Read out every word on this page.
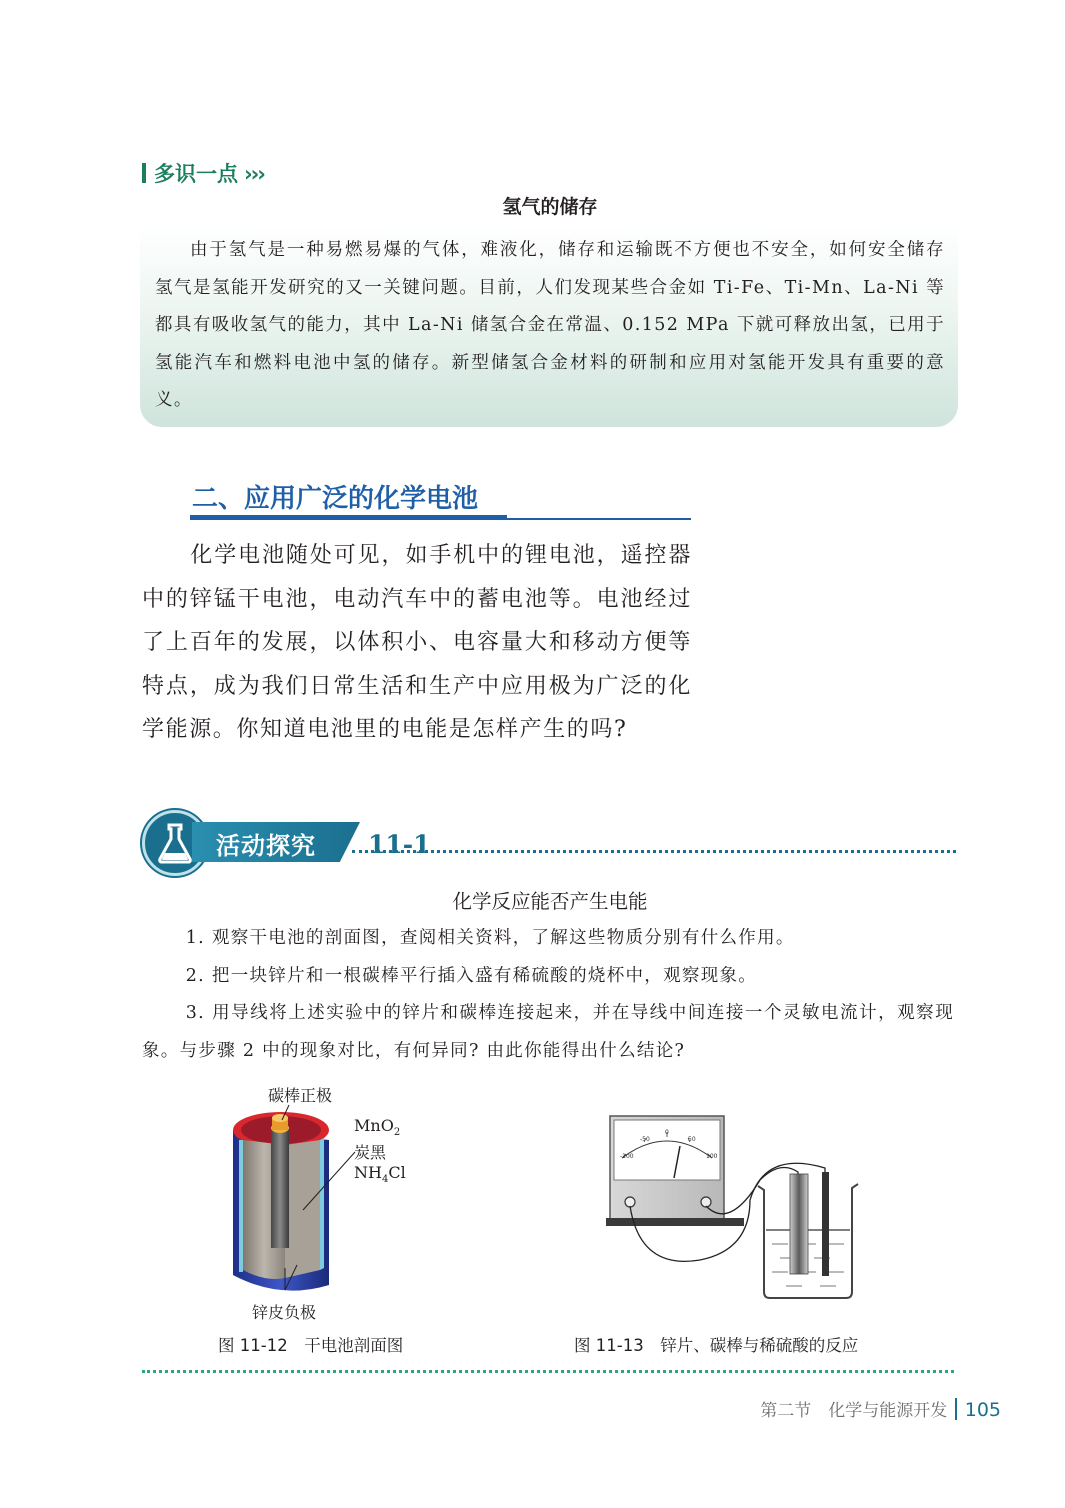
多识一点 ›››
氢气的储存
由于氢气是一种易燃易爆的气体，难液化，储存和运输既不方便也不安全，如何安全储存氢气是氢能开发研究的又一关键问题。目前，人们发现某些合金如 Ti-Fe、Ti-Mn、La-Ni 等都具有吸收氢气的能力，其中 La-Ni 储氢合金在常温、0.152 MPa 下就可释放出氢，已用于氢能汽车和燃料电池中氢的储存。新型储氢合金材料的研制和应用对氢能开发具有重要的意义。
二、应用广泛的化学电池
化学电池随处可见，如手机中的锂电池，遥控器中的锌锰干电池，电动汽车中的蓄电池等。电池经过了上百年的发展，以体积小、电容量大和移动方便等特点，成为我们日常生活和生产中应用极为广泛的化学能源。你知道电池里的电能是怎样产生的吗?
活动探究 11-1
化学反应能否产生电能

1. 观察干电池的剖面图，查阅相关资料，了解这些物质分别有什么作用。

2. 把一块锌片和一根碳棒平行插入盛有稀硫酸的烧杯中，观察现象。

3. 用导线将上述实验中的锌片和碳棒连接起来，并在导线中间连接一个灵敏电流计，观察现象。与步骤 2 中的现象对比，有何异同? 由此你能得出什么结论?

碳棒正极
MnO$_2$
炭黑
$NH_4Cl$
锌皮负极
图 11-12　干电池剖面图
-100
-50
0
50
100
图 11-13　锌片、碳棒与稀硫酸的反应
第二节　化学与能源开发 105
